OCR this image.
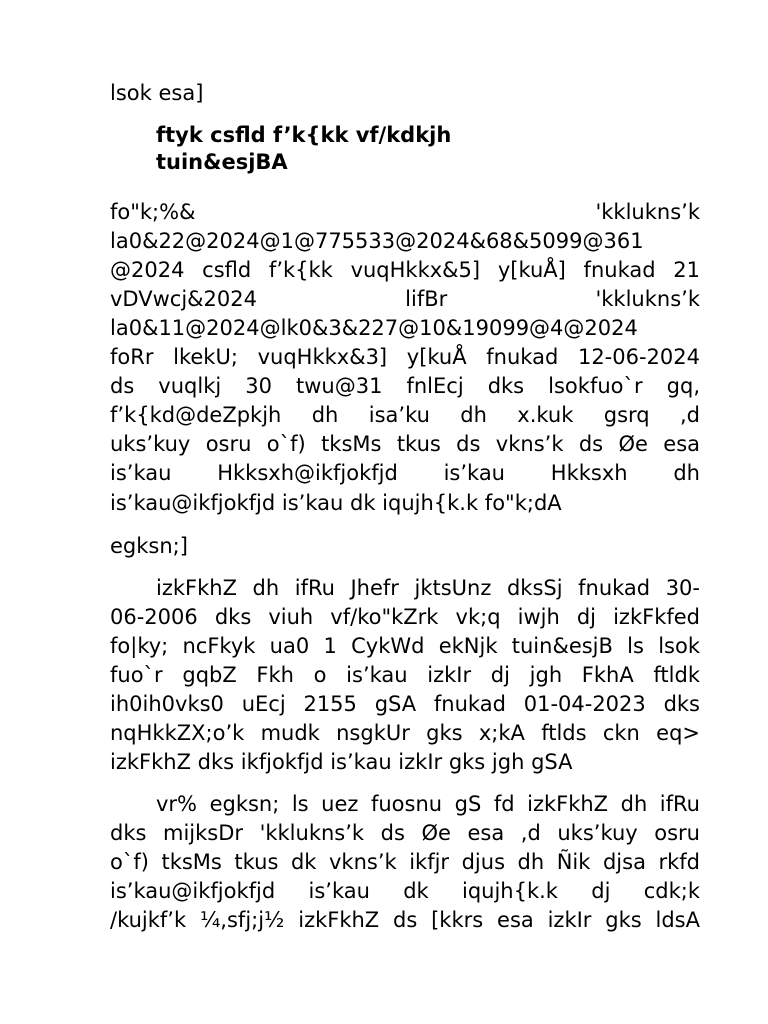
lsok esa]
ftyk csfld f’k{kk vf/kdkjh
tuin&esjBA
fo"k;%& 'kklukns’k
la0&22@2024@1@775533@2024&68&5099@361
@2024 csfld f’k{kk vuqHkkx&5] y[kuÅ] fnukad 21
vDVwcj&2024 lifBr 'kklukns’k
la0&11@2024@lk0&3&227@10&19099@4@2024
foRr lkekU; vuqHkkx&3] y[kuÅ fnukad 12-06-2024
ds vuqlkj 30 twu@31 fnlEcj dks lsokfuo`r gq,
f’k{kd@deZpkjh dh isa’ku dh x.kuk gsrq ,d
uks’kuy osru o`f) tksMs tkus ds vkns’k ds Øe esa
is’kau Hkksxh@ikfjokfjd is’kau Hkksxh dh
is’kau@ikfjokfjd is’kau dk iqujh{k.k fo"k;dA
egksn;]
izkFkhZ dh ifRu Jhefr jktsUnz dksSj fnukad 30-
06-2006 dks viuh vf/ko"kZrk vk;q iwjh dj izkFkfed
fo|ky; ncFkyk ua0 1 CykWd ekNjk tuin&esjB ls lsok
fuo`r gqbZ Fkh o is’kau izkIr dj jgh FkhA ftldk
ih0ih0vks0 uEcj 2155 gSA fnukad 01-04-2023 dks
nqHkkZX;o’k mudk nsgkUr gks x;kA ftlds ckn eq>
izkFkhZ dks ikfjokfjd is’kau izkIr gks jgh gSA
vr% egksn; ls uez fuosnu gS fd izkFkhZ dh ifRu
dks mijksDr 'kklukns’k ds Øe esa ,d uks’kuy osru
o`f) tksMs tkus dk vkns’k ikfjr djus dh Ñik djsa rkfd
is’kau@ikfjokfjd is’kau dk iqujh{k.k dj cdk;k
/kujkf’k ¼,sfj;j½ izkFkhZ ds [kkrs esa izkIr gks ldsA
